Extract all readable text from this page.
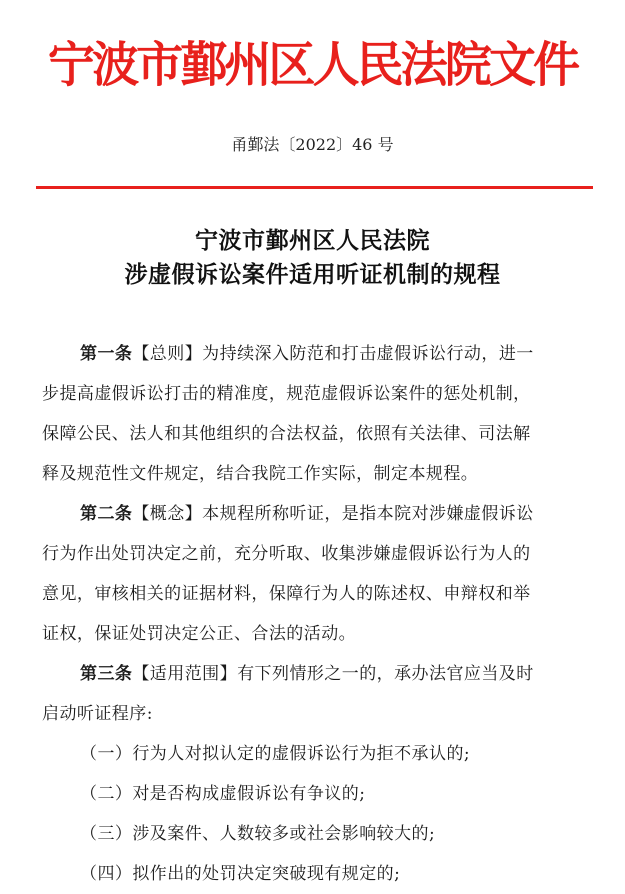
宁波市鄞州区人民法院文件
甬鄞法〔2022〕46 号
宁波市鄞州区人民法院
涉虚假诉讼案件适用听证机制的规程
第一条【总则】为持续深入防范和打击虚假诉讼行动，进一
步提高虚假诉讼打击的精准度，规范虚假诉讼案件的惩处机制，
保障公民、法人和其他组织的合法权益，依照有关法律、司法解
释及规范性文件规定，结合我院工作实际，制定本规程。
第二条【概念】本规程所称听证，是指本院对涉嫌虚假诉讼
行为作出处罚决定之前，充分听取、收集涉嫌虚假诉讼行为人的
意见，审核相关的证据材料，保障行为人的陈述权、申辩权和举
证权，保证处罚决定公正、合法的活动。
第三条【适用范围】有下列情形之一的，承办法官应当及时
启动听证程序:
（一）行为人对拟认定的虚假诉讼行为拒不承认的;
（二）对是否构成虚假诉讼有争议的;
（三）涉及案件、人数较多或社会影响较大的;
（四）拟作出的处罚决定突破现有规定的;
